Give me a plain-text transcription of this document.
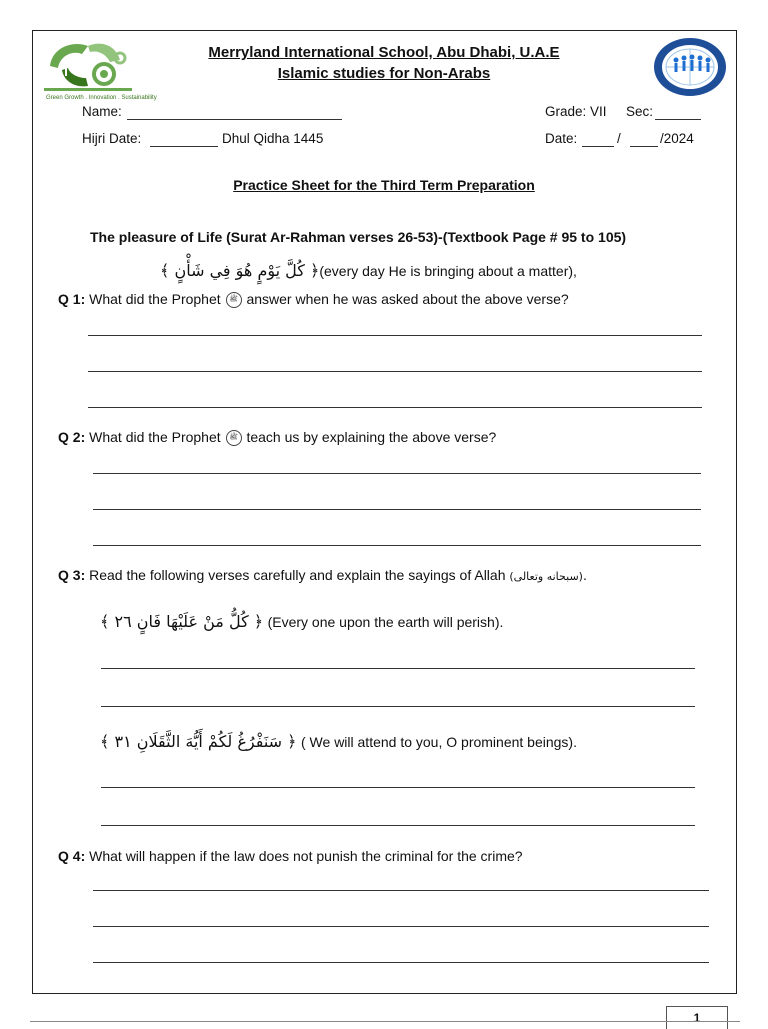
Green Growth . Innovation . Sustainability
Merryland International School, Abu Dhabi, U.A.E
Islamic studies for Non-Arabs
Name:	Grade: VII Sec:
Hijri Date:	Dhul Qidha 1445	Date:	/	/2024
Practice Sheet for the Third Term Preparation
The pleasure of Life (Surat Ar-Rahman verses 26-53)-(Textbook Page # 95 to 105)
﴿ كُلَّ يَوْمٍ هُوَ فِي شَأْنٍ ﴾(every day He is bringing about a matter),
Q 1: What did the Prophet ﷺ answer when he was asked about the above verse?
Q 2: What did the Prophet ﷺ teach us by explaining the above verse?
Q 3: Read the following verses carefully and explain the sayings of Allah (سبحانه وتعالى).
﴿ كُلُّ مَنْ عَلَيْهَا فَانٍ ٢٦ ﴾ (Every one upon the earth will perish).
﴿ سَنَفْرُغُ لَكُمْ أَيُّهَ الثَّقَلَانِ ٣١ ﴾ ( We will attend to you, O prominent beings).
Q 4: What will happen if the law does not punish the criminal for the crime?
1
